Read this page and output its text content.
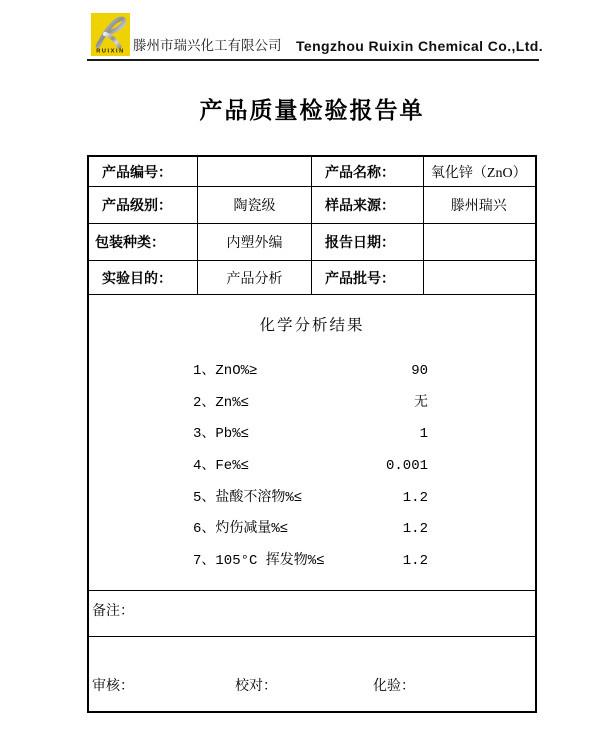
RUIXIN 滕州市瑞兴化工有限公司 Tengzhou Ruixin Chemical Co.,Ltd.
产品质量检验报告单
产品编号：	产品名称：	氧化锌（ZnO）
产品级别：	陶瓷级	样品来源：	滕州瑞兴
包装种类：	内塑外编	报告日期：
实验目的：	产品分析	产品批号：
化学分析结果
1、ZnO%≥	90
2、Zn%≤	无
3、Pb%≤	1
4、Fe%≤	0.001
5、盐酸不溶物%≤	1.2
6、灼伤减量%≤	1.2
7、105°C 挥发物%≤	1.2
备注：
审核：	校对：	化验：
